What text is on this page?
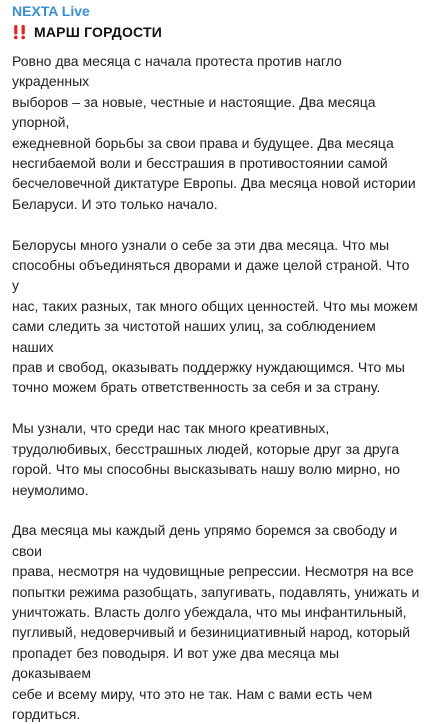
NEXTA Live
МАРШ ГОРДОСТИ

Ровно два месяца с начала протеста против нагло украденных
выборов – за новые, честные и настоящие. Два месяца упорной,
ежедневной борьбы за свои права и будущее. Два месяца
несгибаемой воли и бесстрашия в противостоянии самой
бесчеловечной диктатуре Европы. Два месяца новой истории
Беларуси. И это только начало.

Белорусы много узнали о себе за эти два месяца. Что мы
способны объединяться дворами и даже целой страной. Что у
нас, таких разных, так много общих ценностей. Что мы можем
сами следить за чистотой наших улиц, за соблюдением наших
прав и свобод, оказывать поддержку нуждающимся. Что мы
точно можем брать ответственность за себя и за страну.

Мы узнали, что среди нас так много креативных,
трудолюбивых, бесстрашных людей, которые друг за друга
горой. Что мы способны высказывать нашу волю мирно, но
неумолимо.

Два месяца мы каждый день упрямо боремся за свободу и свои
права, несмотря на чудовищные репрессии. Несмотря на все
попытки режима разобщать, запугивать, подавлять, унижать и
уничтожать. Власть долго убеждала, что мы инфантильный,
пугливый, недоверчивый и безинициативный народ, который
пропадет без поводыря. И вот уже два месяца мы доказываем
себе и всему миру, что это не так. Нам с вами есть чем
гордиться.
